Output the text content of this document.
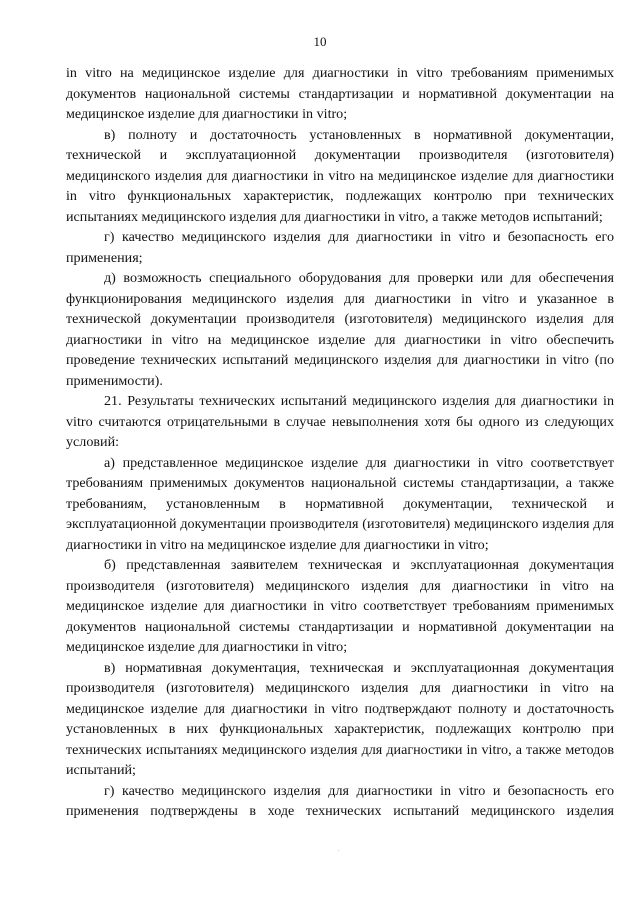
10

in vitro на медицинское изделие для диагностики in vitro требованиям применимых документов национальной системы стандартизации и нормативной документации на медицинское изделие для диагностики in vitro;

в) полноту и достаточность установленных в нормативной документации, технической и эксплуатационной документации производителя (изготовителя) медицинского изделия для диагностики in vitro на медицинское изделие для диагностики in vitro функциональных характеристик, подлежащих контролю при технических испытаниях медицинского изделия для диагностики in vitro, а также методов испытаний;

г) качество медицинского изделия для диагностики in vitro и безопасность его применения;

д) возможность специального оборудования для проверки или для обеспечения функционирования медицинского изделия для диагностики in vitro и указанное в технической документации производителя (изготовителя) медицинского изделия для диагностики in vitro на медицинское изделие для диагностики in vitro обеспечить проведение технических испытаний медицинского изделия для диагностики in vitro (по применимости).

21. Результаты технических испытаний медицинского изделия для диагностики in vitro считаются отрицательными в случае невыполнения хотя бы одного из следующих условий:

а) представленное медицинское изделие для диагностики in vitro соответствует требованиям применимых документов национальной системы стандартизации, а также требованиям, установленным в нормативной документации, технической и эксплуатационной документации производителя (изготовителя) медицинского изделия для диагностики in vitro на медицинское изделие для диагностики in vitro;

б) представленная заявителем техническая и эксплуатационная документация производителя (изготовителя) медицинского изделия для диагностики in vitro на медицинское изделие для диагностики in vitro соответствует требованиям применимых документов национальной системы стандартизации и нормативной документации на медицинское изделие для диагностики in vitro;

в) нормативная документация, техническая и эксплуатационная документация производителя (изготовителя) медицинского изделия для диагностики in vitro на медицинское изделие для диагностики in vitro подтверждают полноту и достаточность установленных в них функциональных характеристик, подлежащих контролю при технических испытаниях медицинского изделия для диагностики in vitro, а также методов испытаний;

г) качество медицинского изделия для диагностики in vitro и безопасность его применения подтверждены в ходе технических испытаний медицинского изделия
